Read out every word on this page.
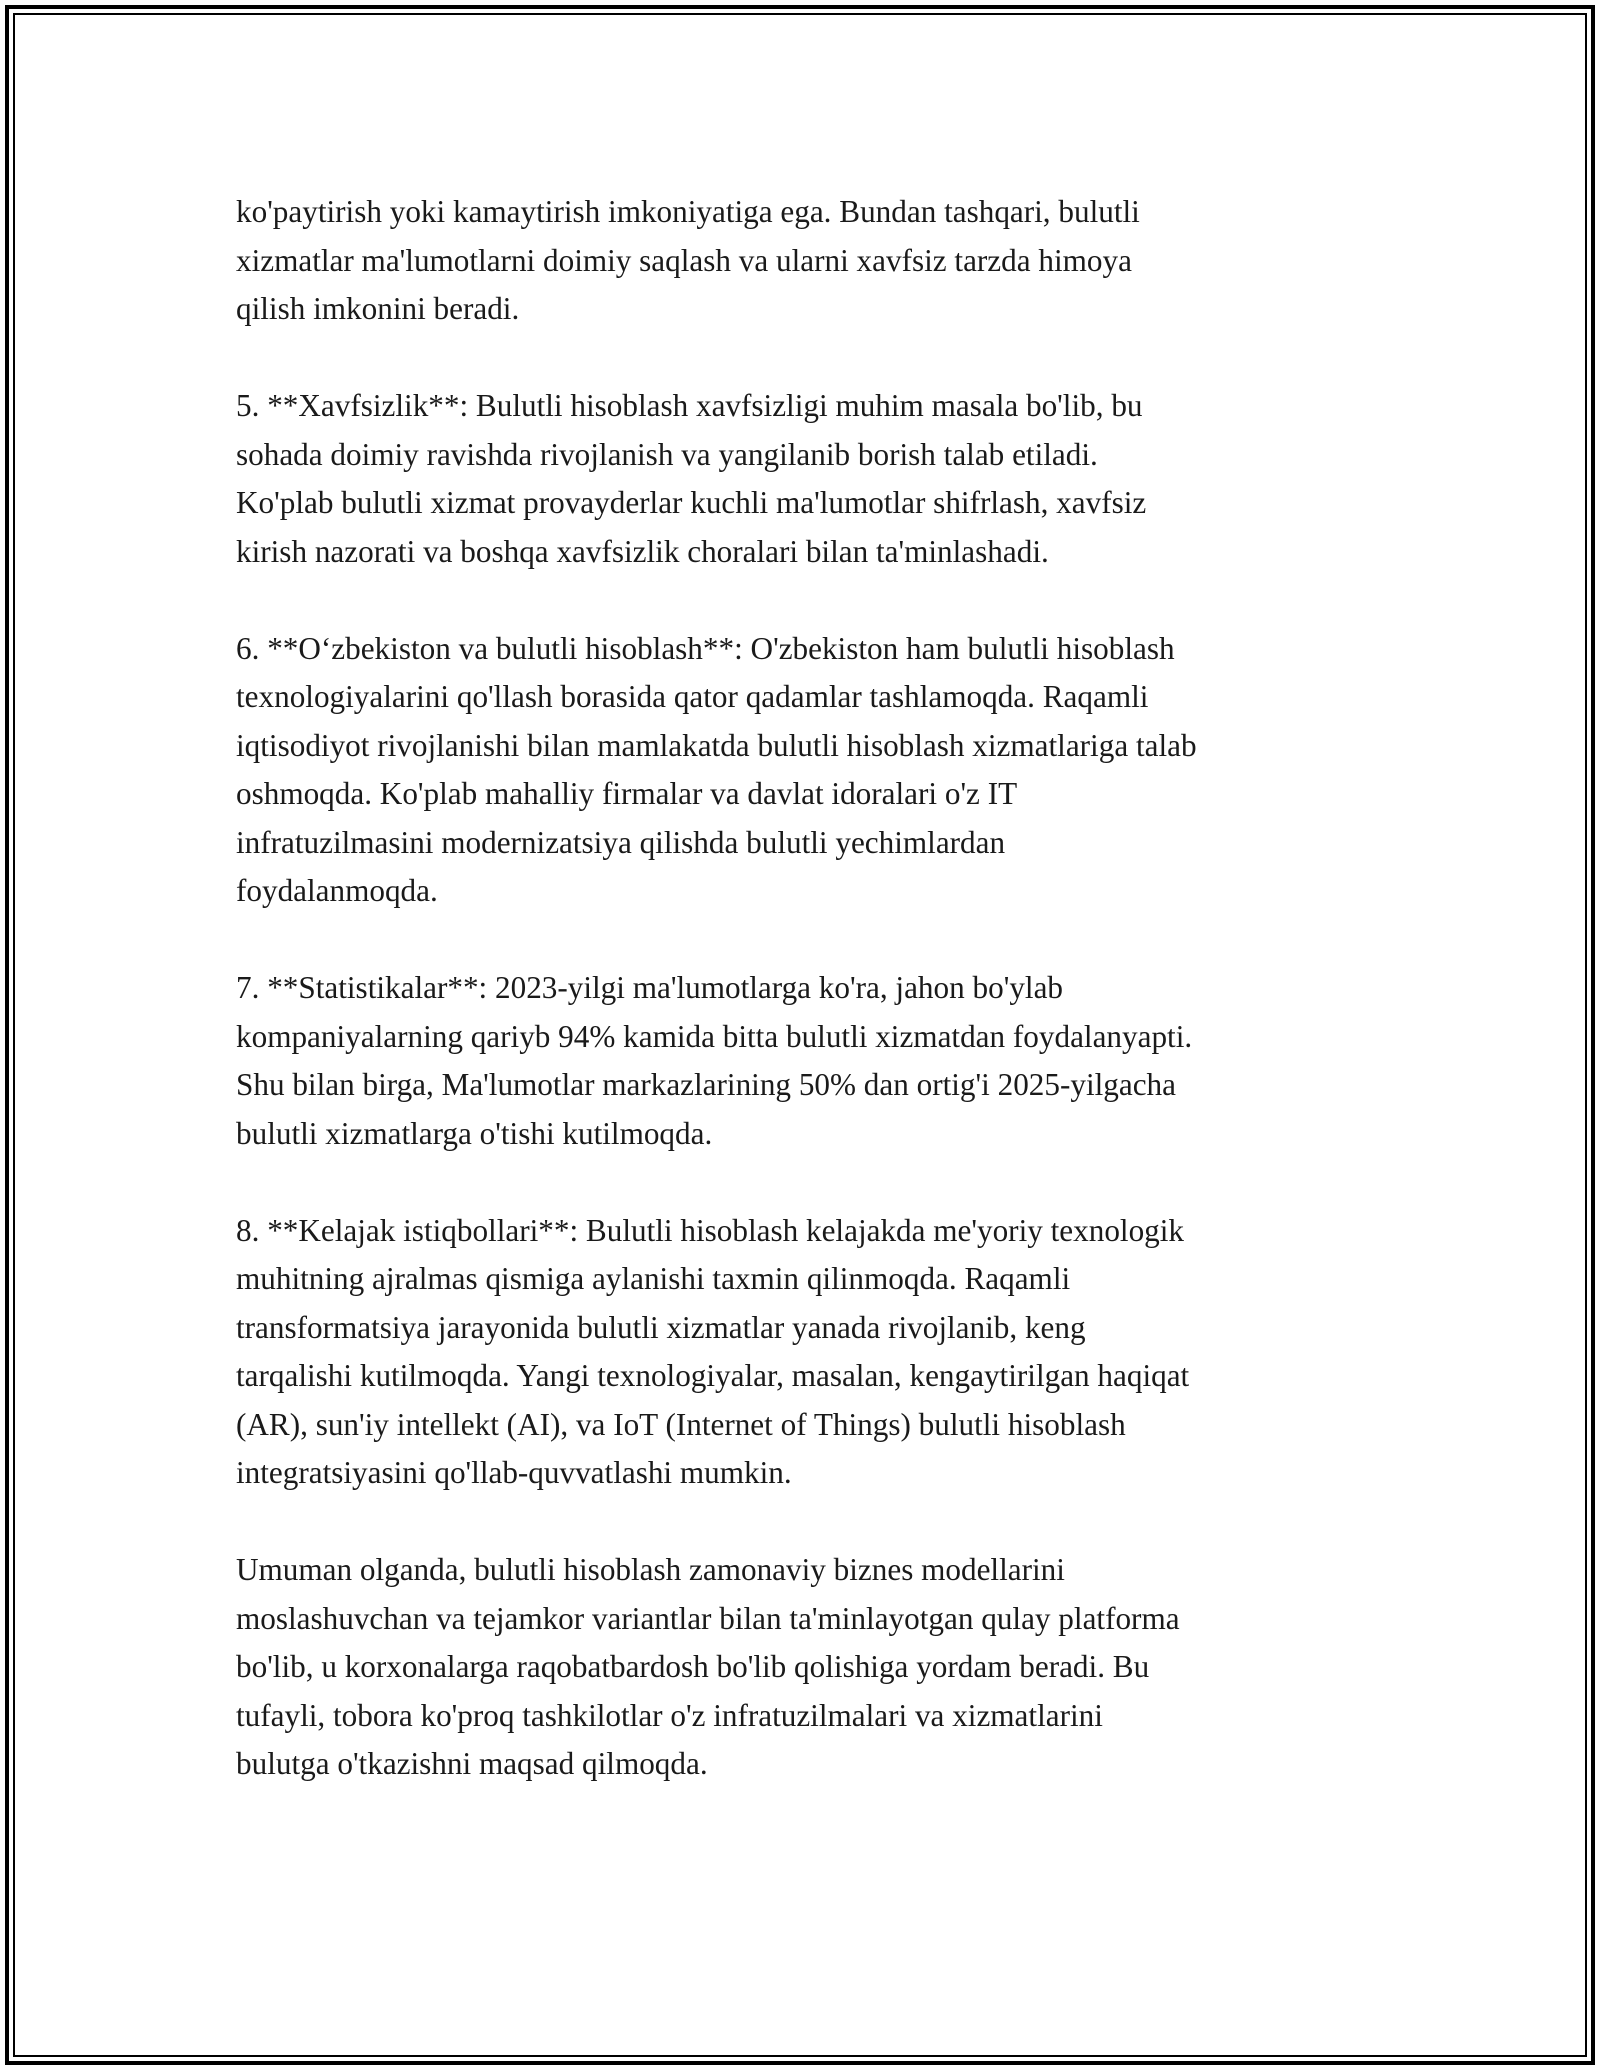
ko'paytirish yoki kamaytirish imkoniyatiga ega. Bundan tashqari, bulutli
xizmatlar ma'lumotlarni doimiy saqlash va ularni xavfsiz tarzda himoya
qilish imkonini beradi.

5. **Xavfsizlik**: Bulutli hisoblash xavfsizligi muhim masala bo'lib, bu
sohada doimiy ravishda rivojlanish va yangilanib borish talab etiladi.
Ko'plab bulutli xizmat provayderlar kuchli ma'lumotlar shifrlash, xavfsiz
kirish nazorati va boshqa xavfsizlik choralari bilan ta'minlashadi.

6. **O‘zbekiston va bulutli hisoblash**: O'zbekiston ham bulutli hisoblash
texnologiyalarini qo'llash borasida qator qadamlar tashlamoqda. Raqamli
iqtisodiyot rivojlanishi bilan mamlakatda bulutli hisoblash xizmatlariga talab
oshmoqda. Ko'plab mahalliy firmalar va davlat idoralari o'z IT
infratuzilmasini modernizatsiya qilishda bulutli yechimlardan
foydalanmoqda.

7. **Statistikalar**: 2023-yilgi ma'lumotlarga ko'ra, jahon bo'ylab
kompaniyalarning qariyb 94% kamida bitta bulutli xizmatdan foydalanyapti.
Shu bilan birga, Ma'lumotlar markazlarining 50% dan ortig'i 2025-yilgacha
bulutli xizmatlarga o'tishi kutilmoqda.

8. **Kelajak istiqbollari**: Bulutli hisoblash kelajakda me'yoriy texnologik
muhitning ajralmas qismiga aylanishi taxmin qilinmoqda. Raqamli
transformatsiya jarayonida bulutli xizmatlar yanada rivojlanib, keng
tarqalishi kutilmoqda. Yangi texnologiyalar, masalan, kengaytirilgan haqiqat
(AR), sun'iy intellekt (AI), va IoT (Internet of Things) bulutli hisoblash
integratsiyasini qo'llab-quvvatlashi mumkin.

Umuman olganda, bulutli hisoblash zamonaviy biznes modellarini
moslashuvchan va tejamkor variantlar bilan ta'minlayotgan qulay platforma
bo'lib, u korxonalarga raqobatbardosh bo'lib qolishiga yordam beradi. Bu
tufayli, tobora ko'proq tashkilotlar o'z infratuzilmalari va xizmatlarini
bulutga o'tkazishni maqsad qilmoqda.
